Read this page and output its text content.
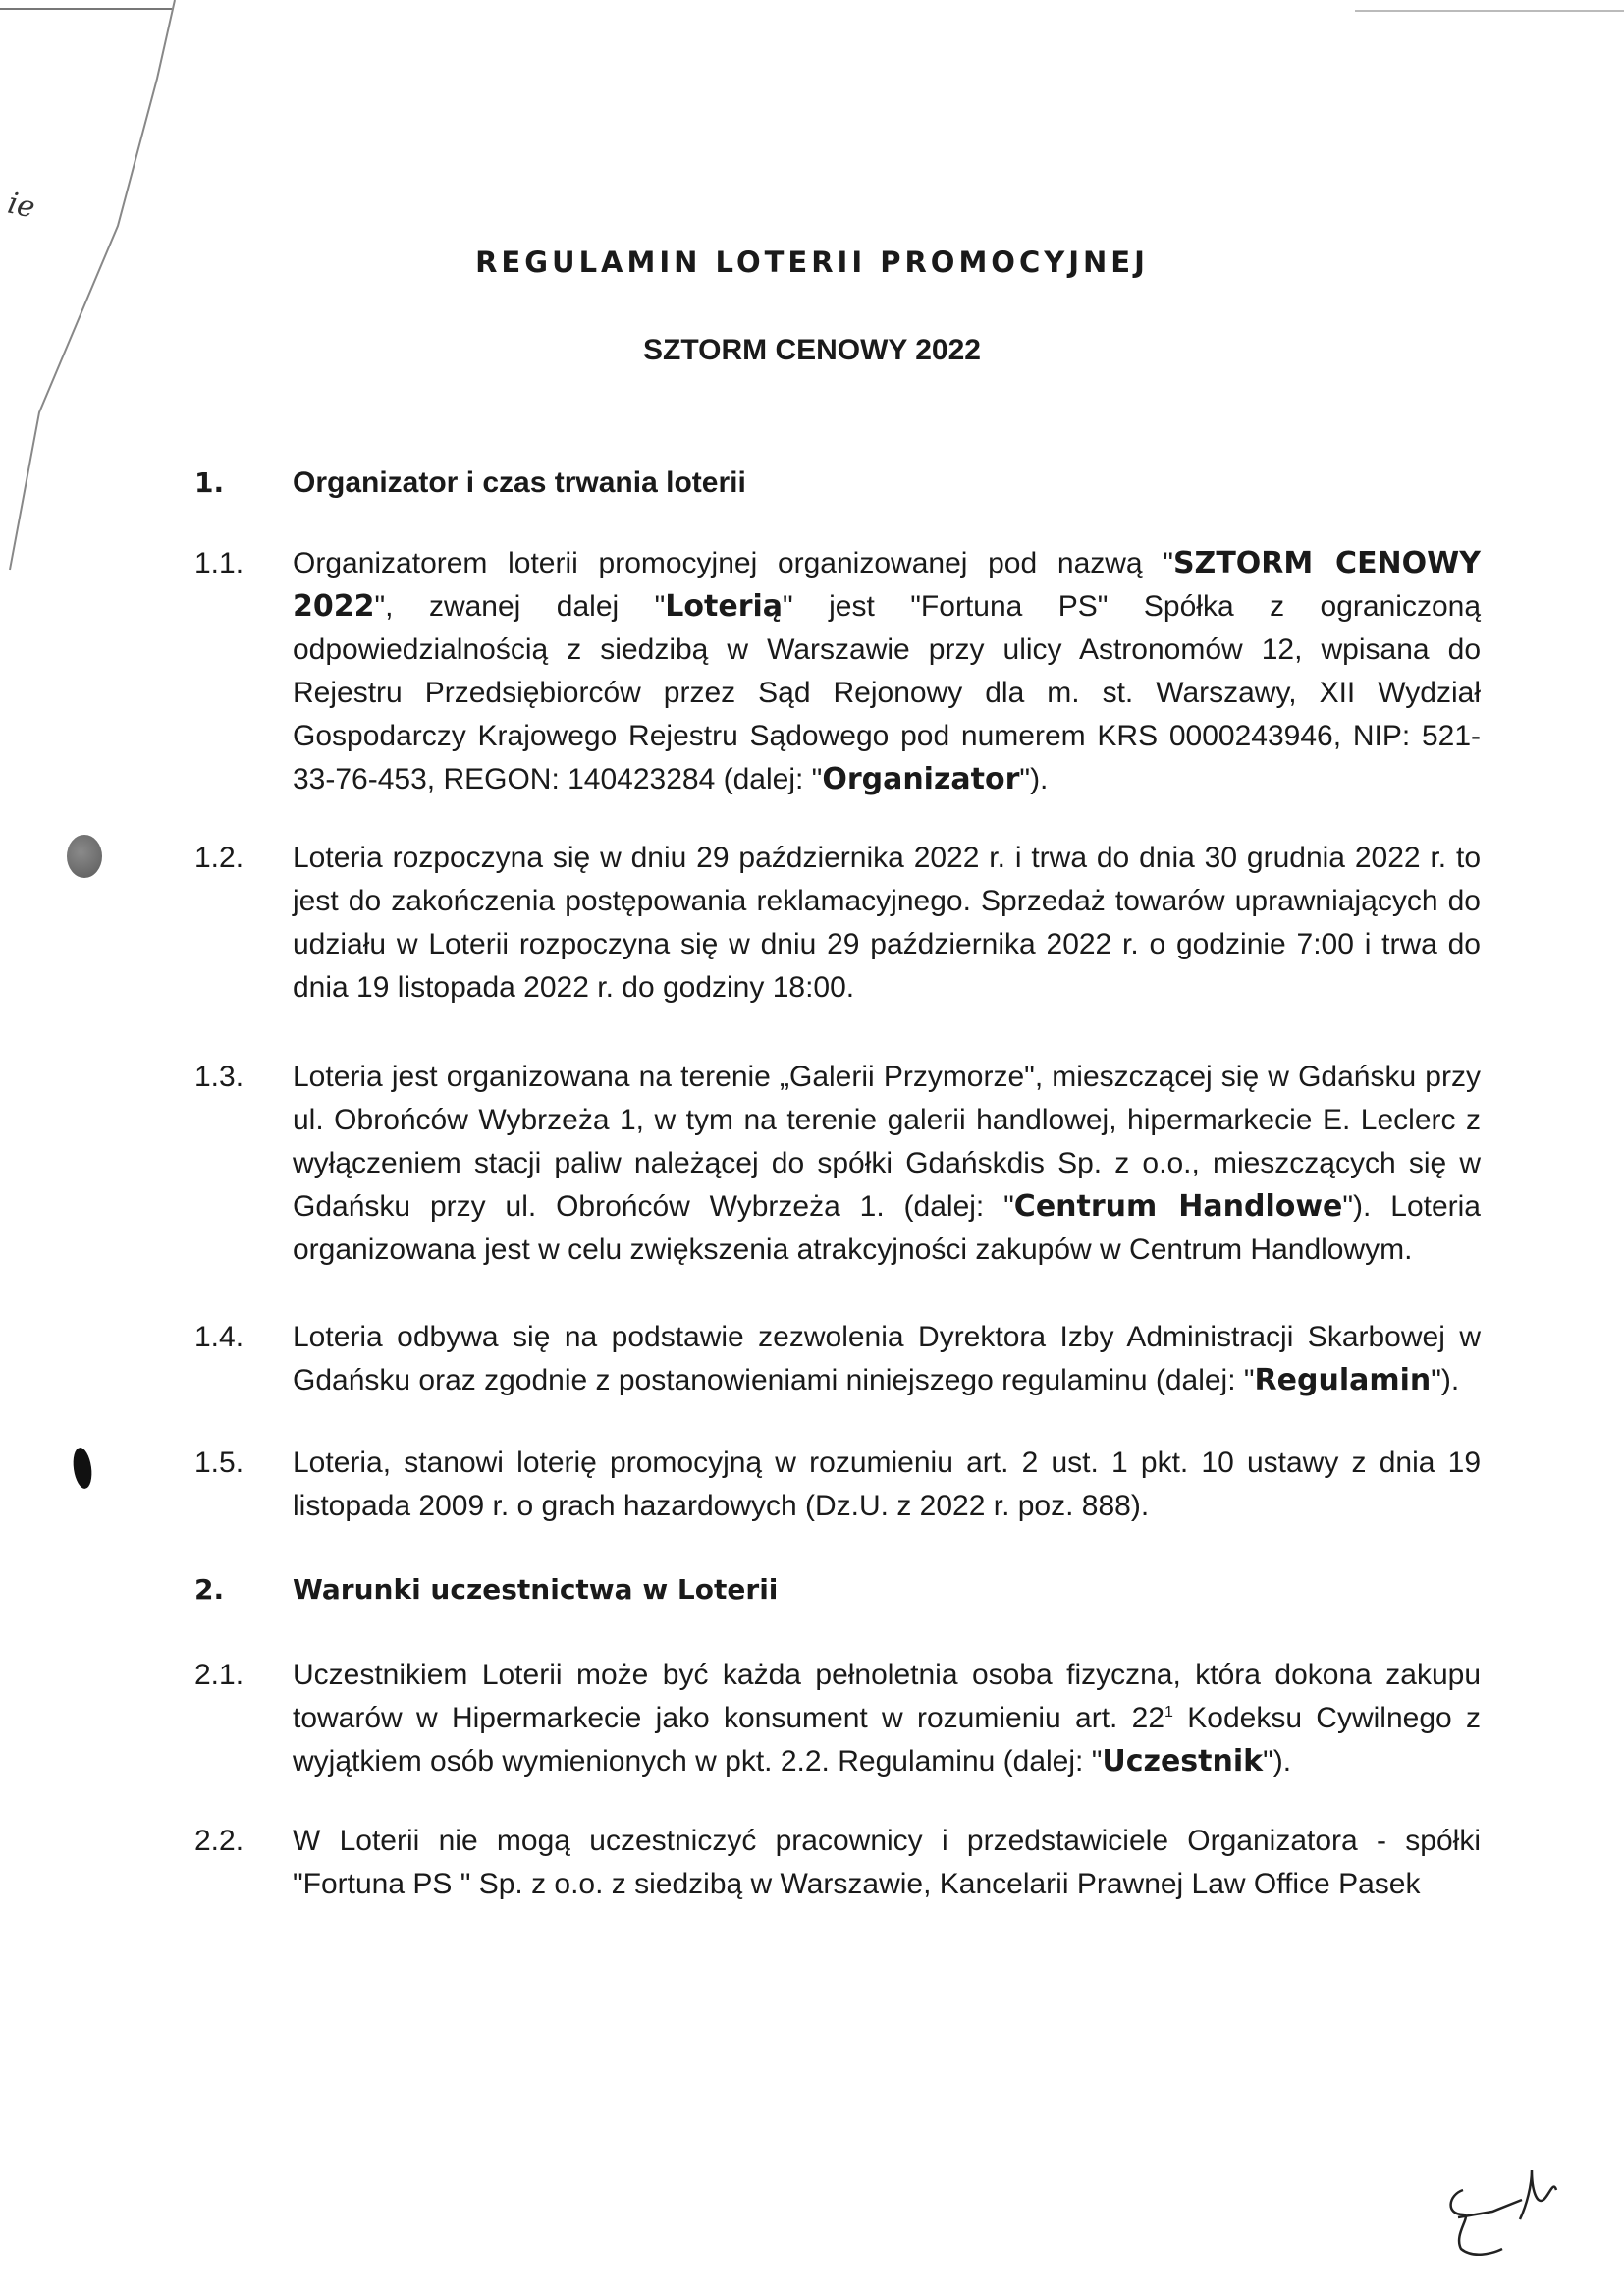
ie
REGULAMIN LOTERII PROMOCYJNEJ
SZTORM CENOWY 2022
1.	Organizator i czas trwania loterii
1.1.	Organizatorem loterii promocyjnej organizowanej pod nazwą "SZTORM CENOWY 2022", zwanej dalej "Loterią" jest "Fortuna PS" Spółka z ograniczoną odpowiedzialnością z siedzibą w Warszawie przy ulicy Astronomów 12, wpisana do Rejestru Przedsiębiorców przez Sąd Rejonowy dla m. st. Warszawy, XII Wydział Gospodarczy Krajowego Rejestru Sądowego pod numerem KRS 0000243946, NIP: 521-33-76-453, REGON: 140423284 (dalej: "Organizator").
1.2.	Loteria rozpoczyna się w dniu 29 października 2022 r. i trwa do dnia 30 grudnia 2022 r. to jest do zakończenia postępowania reklamacyjnego. Sprzedaż towarów uprawniających do udziału w Loterii rozpoczyna się w dniu 29 października 2022 r. o godzinie 7:00 i trwa do dnia 19 listopada 2022 r. do godziny 18:00.
1.3.	Loteria jest organizowana na terenie „Galerii Przymorze", mieszczącej się w Gdańsku przy ul. Obrońców Wybrzeża 1, w tym na terenie galerii handlowej, hipermarkecie E. Leclerc z wyłączeniem stacji paliw należącej do spółki Gdańskdis Sp. z o.o., mieszczących się w Gdańsku przy ul. Obrońców Wybrzeża 1. (dalej: "Centrum Handlowe"). Loteria organizowana jest w celu zwiększenia atrakcyjności zakupów w Centrum Handlowym.
1.4.	Loteria odbywa się na podstawie zezwolenia Dyrektora Izby Administracji Skarbowej w Gdańsku oraz zgodnie z postanowieniami niniejszego regulaminu (dalej: "Regulamin").
1.5.	Loteria, stanowi loterię promocyjną w rozumieniu art. 2 ust. 1 pkt. 10 ustawy z dnia 19 listopada 2009 r. o grach hazardowych (Dz.U. z 2022 r. poz. 888).
2.	Warunki uczestnictwa w Loterii
2.1.	Uczestnikiem Loterii może być każda pełnoletnia osoba fizyczna, która dokona zakupu towarów w Hipermarkecie jako konsument w rozumieniu art. $22^1$ Kodeksu Cywilnego z wyjątkiem osób wymienionych w pkt. 2.2. Regulaminu (dalej: "Uczestnik").
2.2.	W Loterii nie mogą uczestniczyć pracownicy i przedstawiciele Organizatora - spółki "Fortuna PS " Sp. z o.o. z siedzibą w Warszawie, Kancelarii Prawnej Law Office Pasek
